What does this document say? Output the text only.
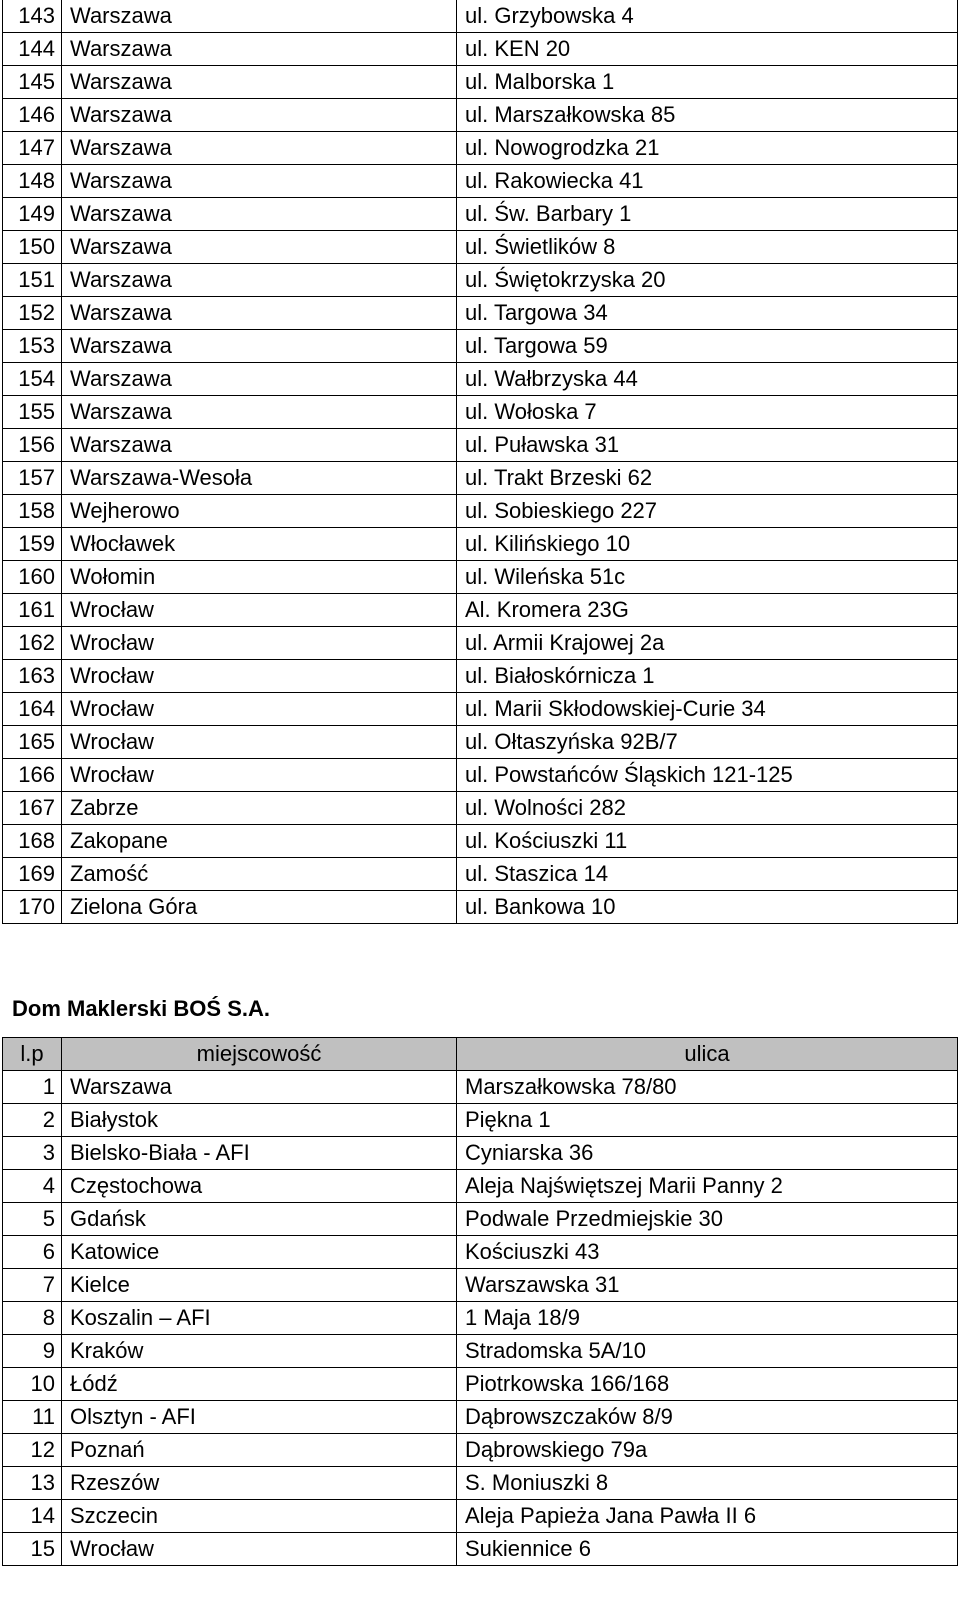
143	Warszawa	ul. Grzybowska 4
144	Warszawa	ul. KEN 20
145	Warszawa	ul. Malborska 1
146	Warszawa	ul. Marszałkowska 85
147	Warszawa	ul. Nowogrodzka 21
148	Warszawa	ul. Rakowiecka 41
149	Warszawa	ul. Św. Barbary 1
150	Warszawa	ul. Świetlików 8
151	Warszawa	ul. Świętokrzyska 20
152	Warszawa	ul. Targowa 34
153	Warszawa	ul. Targowa 59
154	Warszawa	ul. Wałbrzyska 44
155	Warszawa	ul. Wołoska 7
156	Warszawa	ul. Puławska 31
157	Warszawa-Wesoła	ul. Trakt Brzeski 62
158	Wejherowo	ul. Sobieskiego 227
159	Włocławek	ul. Kilińskiego 10
160	Wołomin	ul. Wileńska 51c
161	Wrocław	Al. Kromera 23G
162	Wrocław	ul. Armii Krajowej 2a
163	Wrocław	ul. Białoskórnicza 1
164	Wrocław	ul. Marii Skłodowskiej-Curie 34
165	Wrocław	ul. Ołtaszyńska 92B/7
166	Wrocław	ul. Powstańców Śląskich 121-125
167	Zabrze	ul. Wolności 282
168	Zakopane	ul. Kościuszki 11
169	Zamość	ul. Staszica 14
170	Zielona Góra	ul. Bankowa 10
Dom Maklerski BOŚ S.A.
l.p	miejscowość	ulica
1	Warszawa	Marszałkowska 78/80
2	Białystok	Piękna 1
3	Bielsko-Biała - AFI	Cyniarska 36
4	Częstochowa	Aleja Najświętszej Marii Panny 2
5	Gdańsk	Podwale Przedmiejskie 30
6	Katowice	Kościuszki 43
7	Kielce	Warszawska 31
8	Koszalin – AFI	1 Maja 18/9
9	Kraków	Stradomska 5A/10
10	Łódź	Piotrkowska 166/168
11	Olsztyn - AFI	Dąbrowszczaków 8/9
12	Poznań	Dąbrowskiego 79a
13	Rzeszów	S. Moniuszki 8
14	Szczecin	Aleja Papieża Jana Pawła II 6
15	Wrocław	Sukiennice 6
